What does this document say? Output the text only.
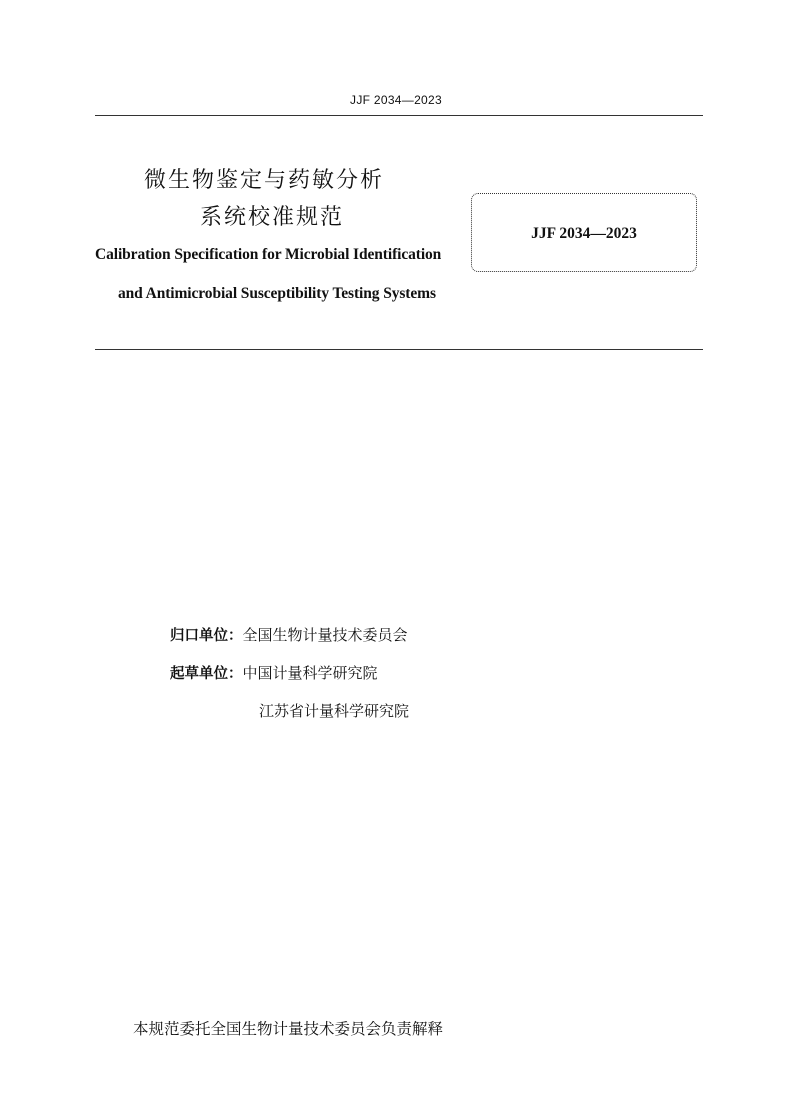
JJF 2034—2023
微生物鉴定与药敏分析
系统校准规范
JJF 2034—2023
Calibration Specification for Microbial Identification
and Antimicrobial Susceptibility Testing Systems
归口单位：全国生物计量技术委员会
起草单位：中国计量科学研究院
江苏省计量科学研究院
本规范委托全国生物计量技术委员会负责解释
